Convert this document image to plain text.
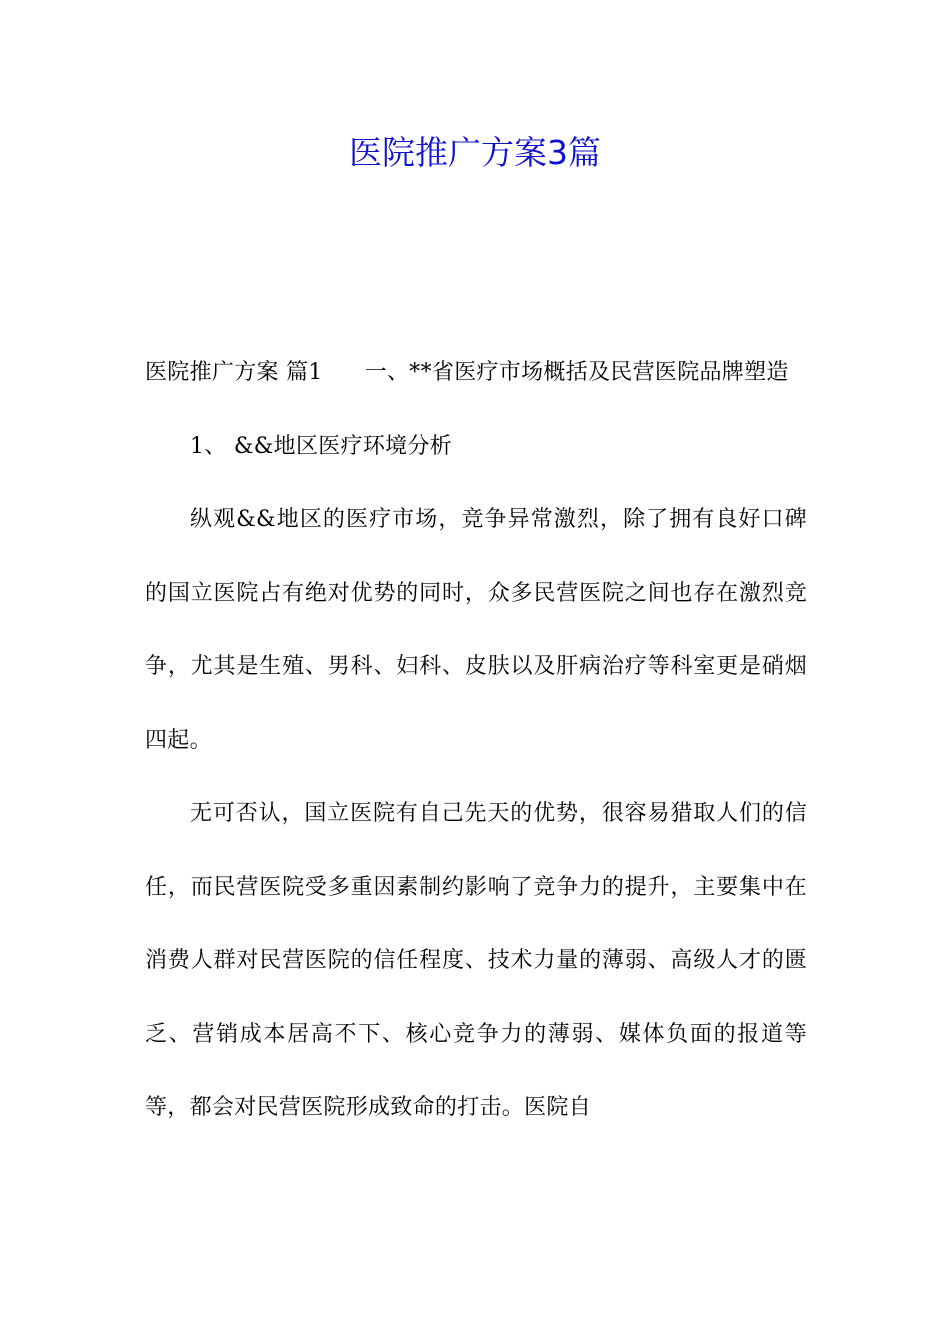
医院推广方案3篇

医院推广方案 篇1 一、**省医疗市场概括及民营医院品牌塑造

1、 &&地区医疗环境分析

纵观&&地区的医疗市场，竞争异常激烈，除了拥有良好口碑的国立医院占有绝对优势的同时，众多民营医院之间也存在激烈竞争，尤其是生殖、男科、妇科、皮肤以及肝病治疗等科室更是硝烟四起。

无可否认，国立医院有自己先天的优势，很容易猎取人们的信任，而民营医院受多重因素制约影响了竞争力的提升，主要集中在消费人群对民营医院的信任程度、技术力量的薄弱、高级人才的匮乏、营销成本居高不下、核心竞争力的薄弱、媒体负面的报道等等，都会对民营医院形成致命的打击。医院自
